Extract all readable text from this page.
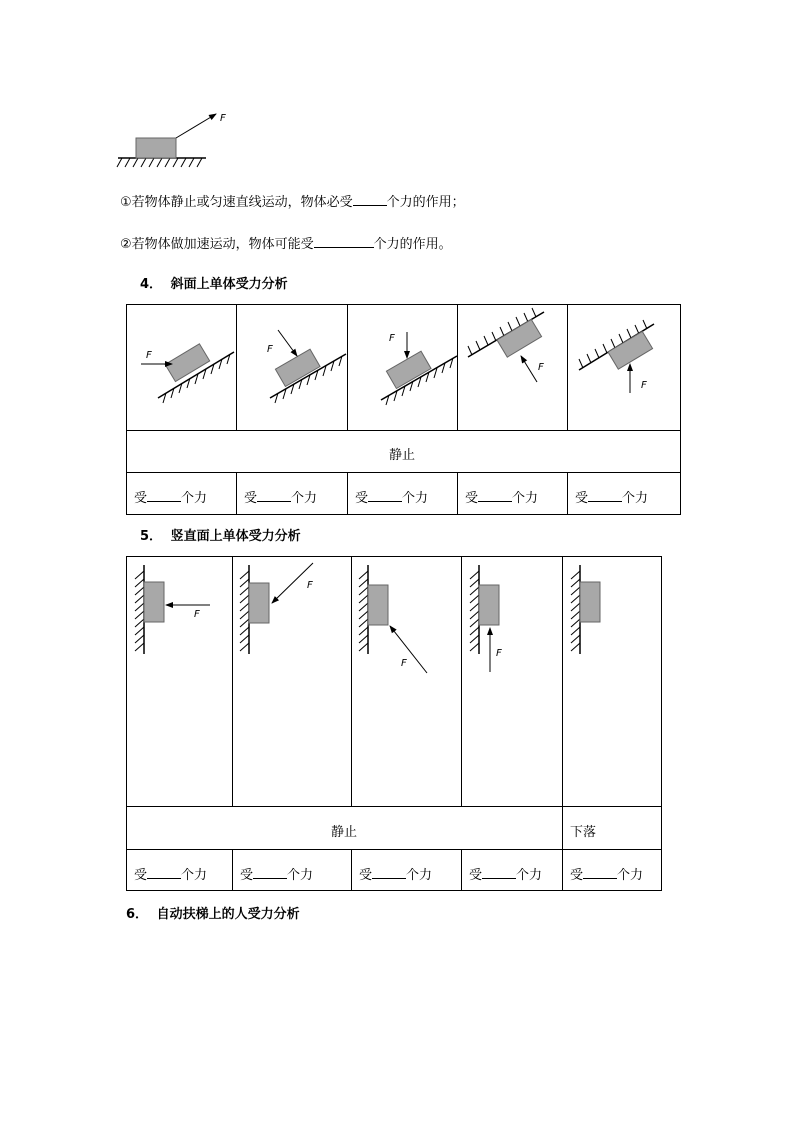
F
F
F
F
F
F
F
F
F
F
①若物体静止或匀速直线运动，物体必受	个力的作用；
②若物体做加速运动，物体可能受	个力的作用。
4． 斜面上单体受力分析
静止
受	个力	受	个力	受	个力	受	个力	受	个力
5． 竖直面上单体受力分析
静止	下落
受	个力	受	个力	受	个力	受	个力 受	个力
6． 自动扶梯上的人受力分析
